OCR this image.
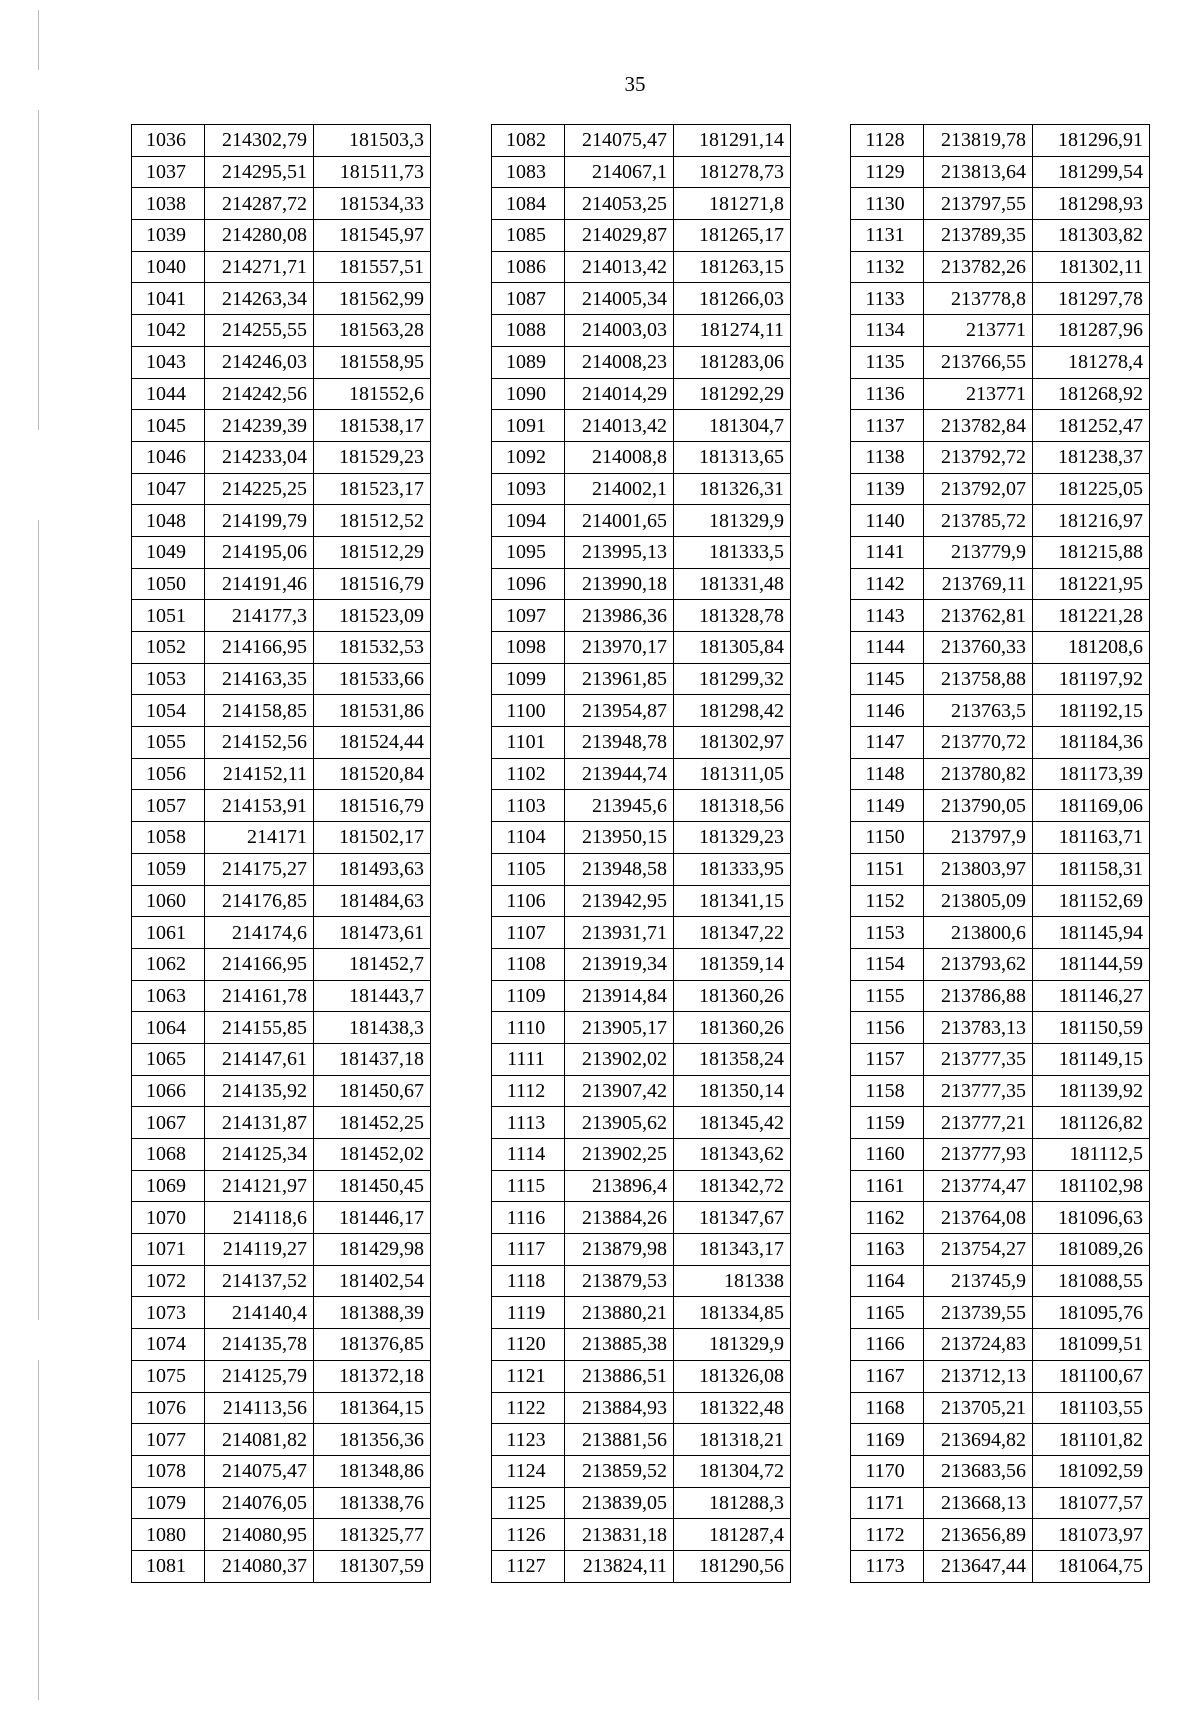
35
1036	214302,79	181503,3
1037	214295,51	181511,73
1038	214287,72	181534,33
1039	214280,08	181545,97
1040	214271,71	181557,51
1041	214263,34	181562,99
1042	214255,55	181563,28
1043	214246,03	181558,95
1044	214242,56	181552,6
1045	214239,39	181538,17
1046	214233,04	181529,23
1047	214225,25	181523,17
1048	214199,79	181512,52
1049	214195,06	181512,29
1050	214191,46	181516,79
1051	214177,3	181523,09
1052	214166,95	181532,53
1053	214163,35	181533,66
1054	214158,85	181531,86
1055	214152,56	181524,44
1056	214152,11	181520,84
1057	214153,91	181516,79
1058	214171	181502,17
1059	214175,27	181493,63
1060	214176,85	181484,63
1061	214174,6	181473,61
1062	214166,95	181452,7
1063	214161,78	181443,7
1064	214155,85	181438,3
1065	214147,61	181437,18
1066	214135,92	181450,67
1067	214131,87	181452,25
1068	214125,34	181452,02
1069	214121,97	181450,45
1070	214118,6	181446,17
1071	214119,27	181429,98
1072	214137,52	181402,54
1073	214140,4	181388,39
1074	214135,78	181376,85
1075	214125,79	181372,18
1076	214113,56	181364,15
1077	214081,82	181356,36
1078	214075,47	181348,86
1079	214076,05	181338,76
1080	214080,95	181325,77
1081	214080,37	181307,59
1082	214075,47	181291,14
1083	214067,1	181278,73
1084	214053,25	181271,8
1085	214029,87	181265,17
1086	214013,42	181263,15
1087	214005,34	181266,03
1088	214003,03	181274,11
1089	214008,23	181283,06
1090	214014,29	181292,29
1091	214013,42	181304,7
1092	214008,8	181313,65
1093	214002,1	181326,31
1094	214001,65	181329,9
1095	213995,13	181333,5
1096	213990,18	181331,48
1097	213986,36	181328,78
1098	213970,17	181305,84
1099	213961,85	181299,32
1100	213954,87	181298,42
1101	213948,78	181302,97
1102	213944,74	181311,05
1103	213945,6	181318,56
1104	213950,15	181329,23
1105	213948,58	181333,95
1106	213942,95	181341,15
1107	213931,71	181347,22
1108	213919,34	181359,14
1109	213914,84	181360,26
1110	213905,17	181360,26
1111	213902,02	181358,24
1112	213907,42	181350,14
1113	213905,62	181345,42
1114	213902,25	181343,62
1115	213896,4	181342,72
1116	213884,26	181347,67
1117	213879,98	181343,17
1118	213879,53	181338
1119	213880,21	181334,85
1120	213885,38	181329,9
1121	213886,51	181326,08
1122	213884,93	181322,48
1123	213881,56	181318,21
1124	213859,52	181304,72
1125	213839,05	181288,3
1126	213831,18	181287,4
1127	213824,11	181290,56
1128	213819,78	181296,91
1129	213813,64	181299,54
1130	213797,55	181298,93
1131	213789,35	181303,82
1132	213782,26	181302,11
1133	213778,8	181297,78
1134	213771	181287,96
1135	213766,55	181278,4
1136	213771	181268,92
1137	213782,84	181252,47
1138	213792,72	181238,37
1139	213792,07	181225,05
1140	213785,72	181216,97
1141	213779,9	181215,88
1142	213769,11	181221,95
1143	213762,81	181221,28
1144	213760,33	181208,6
1145	213758,88	181197,92
1146	213763,5	181192,15
1147	213770,72	181184,36
1148	213780,82	181173,39
1149	213790,05	181169,06
1150	213797,9	181163,71
1151	213803,97	181158,31
1152	213805,09	181152,69
1153	213800,6	181145,94
1154	213793,62	181144,59
1155	213786,88	181146,27
1156	213783,13	181150,59
1157	213777,35	181149,15
1158	213777,35	181139,92
1159	213777,21	181126,82
1160	213777,93	181112,5
1161	213774,47	181102,98
1162	213764,08	181096,63
1163	213754,27	181089,26
1164	213745,9	181088,55
1165	213739,55	181095,76
1166	213724,83	181099,51
1167	213712,13	181100,67
1168	213705,21	181103,55
1169	213694,82	181101,82
1170	213683,56	181092,59
1171	213668,13	181077,57
1172	213656,89	181073,97
1173	213647,44	181064,75
